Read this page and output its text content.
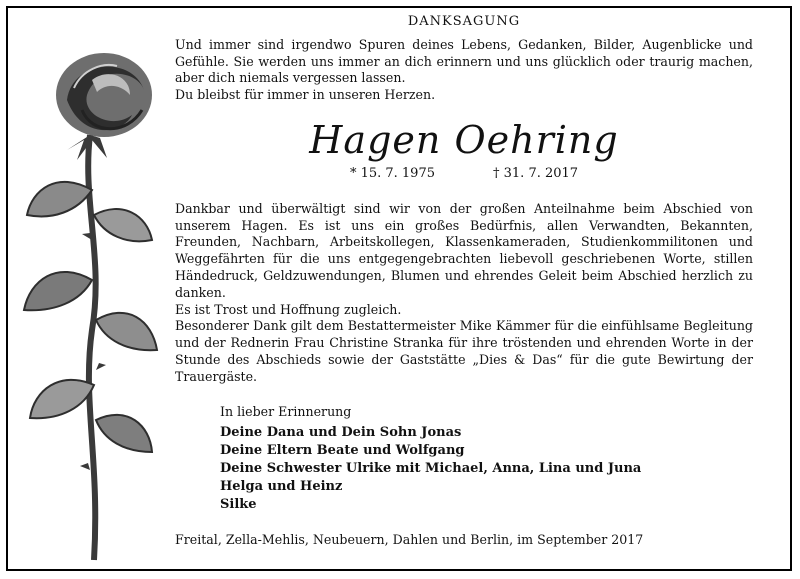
DANKSAGUNG

Und immer sind irgendwo Spuren deines Lebens, Gedanken, Bilder, Augenblicke und Gefühle. Sie werden uns immer an dich erinnern und uns glücklich oder traurig machen, aber dich niemals vergessen lassen.

Du bleibst für immer in unseren Herzen.

Hagen Oehring
* 15. 7. 1975	† 31. 7. 2017

Dankbar und überwältigt sind wir von der großen Anteilnahme beim Abschied von unserem Hagen. Es ist uns ein großes Bedürfnis, allen Verwandten, Bekannten, Freunden, Nachbarn, Arbeitskollegen, Klassenkameraden, Studienkommilitonen und Weggefährten für die uns entgegengebrachten liebevoll geschriebenen Worte, stillen Händedruck, Geldzuwendungen, Blumen und ehrendes Geleit beim Abschied herzlich zu danken.

Es ist Trost und Hoffnung zugleich.

Besonderer Dank gilt dem Bestattermeister Mike Kämmer für die einfühlsame Begleitung und der Rednerin Frau Christine Stranka für ihre tröstenden und ehrenden Worte in der Stunde des Abschieds sowie der Gaststätte „Dies & Das“ für die gute Bewirtung der Trauergäste.

In lieber Erinnerung

Deine Dana und Dein Sohn Jonas

Deine Eltern Beate und Wolfgang

Deine Schwester Ulrike mit Michael, Anna, Lina und Juna

Helga und Heinz

Silke

Freital, Zella-Mehlis, Neubeuern, Dahlen und Berlin, im September 2017
